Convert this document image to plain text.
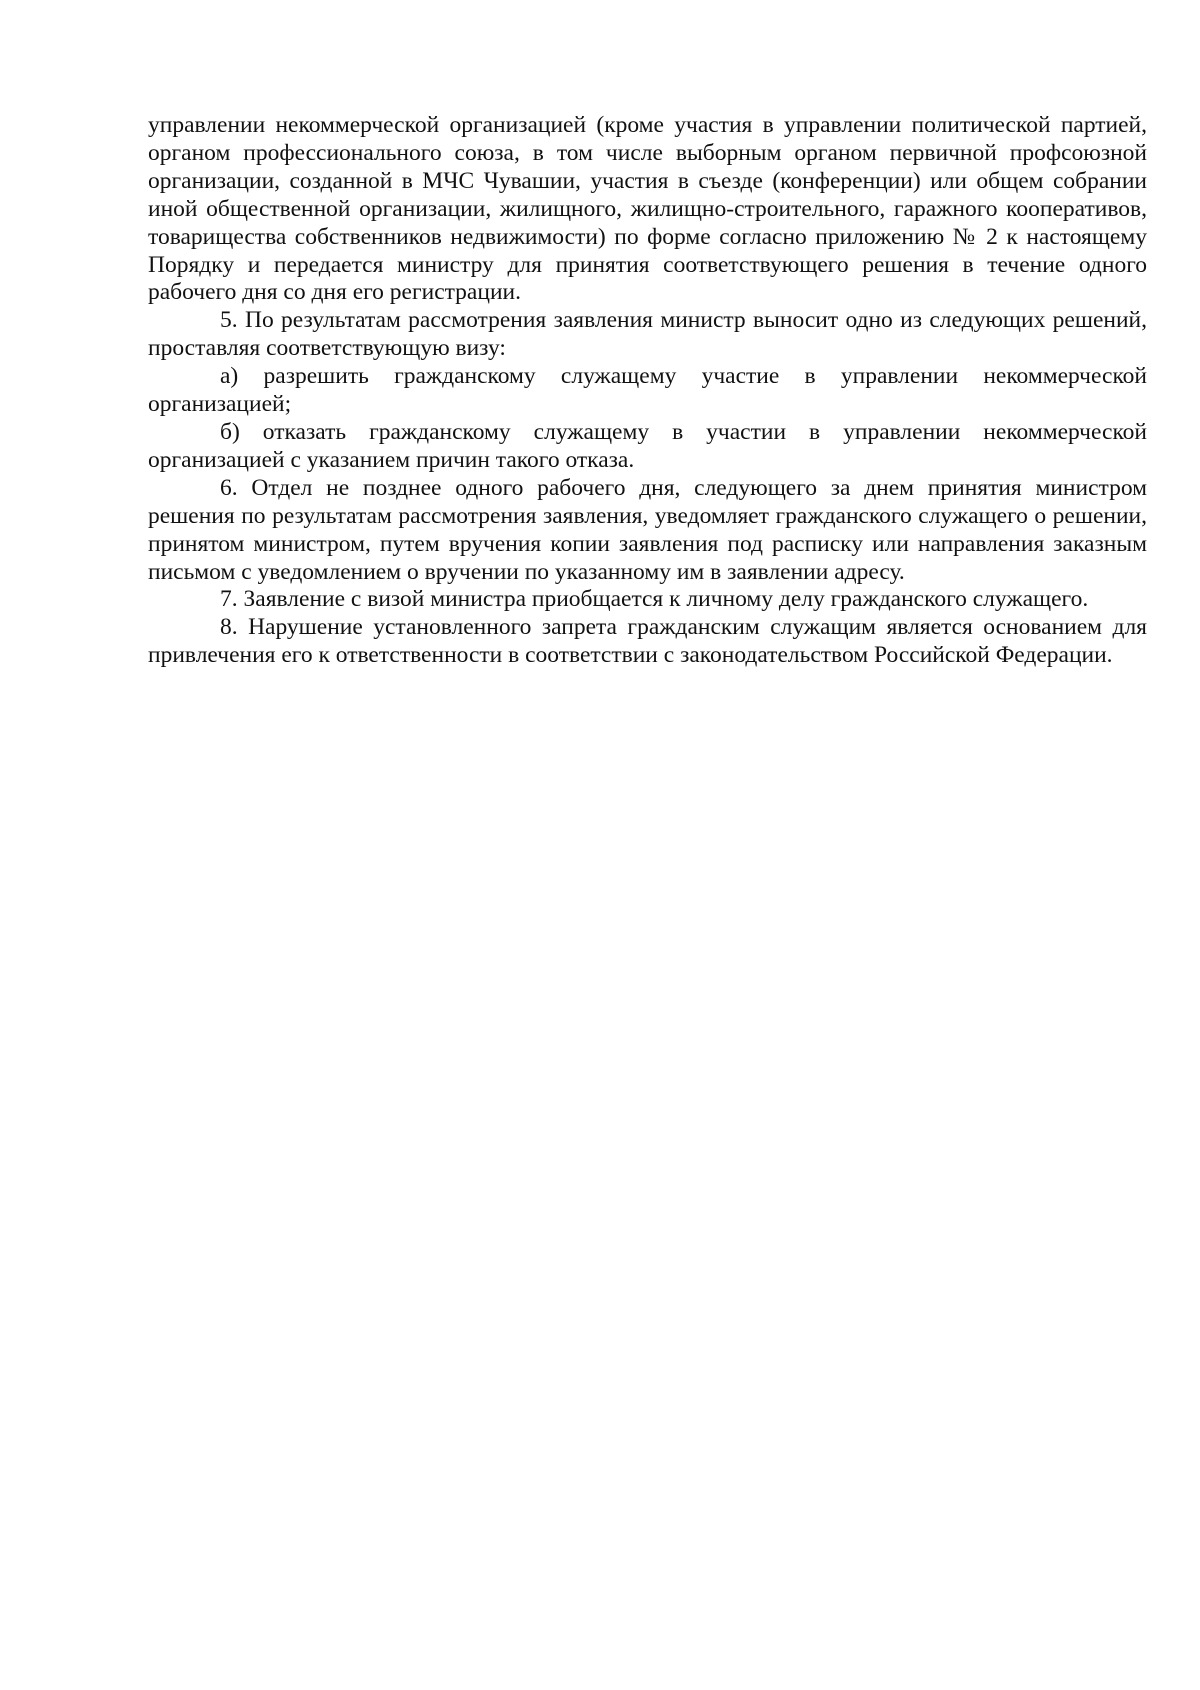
управлении некоммерческой организацией (кроме участия в управлении политической партией, органом профессионального союза, в том числе выборным органом первичной профсоюзной организации, созданной в МЧС Чувашии, участия в съезде (конференции) или общем собрании иной общественной организации, жилищного, жилищно-строительного, гаражного кооперативов, товарищества собственников недвижимости) по форме согласно приложению № 2 к настоящему Порядку и передается министру для принятия соответствующего решения в течение одного рабочего дня со дня его регистрации.

5. По результатам рассмотрения заявления министр выносит одно из следующих решений, проставляя соответствующую визу:

а) разрешить гражданскому служащему участие в управлении некоммерческой организацией;

б) отказать гражданскому служащему в участии в управлении некоммерческой организацией с указанием причин такого отказа.

6. Отдел не позднее одного рабочего дня, следующего за днем принятия министром решения по результатам рассмотрения заявления, уведомляет гражданского служащего о решении, принятом министром, путем вручения копии заявления под расписку или направления заказным письмом с уведомлением о вручении по указанному им в заявлении адресу.

7. Заявление с визой министра приобщается к личному делу гражданского служащего.

8. Нарушение установленного запрета гражданским служащим является основанием для привлечения его к ответственности в соответствии с законодательством Российской Федерации.
